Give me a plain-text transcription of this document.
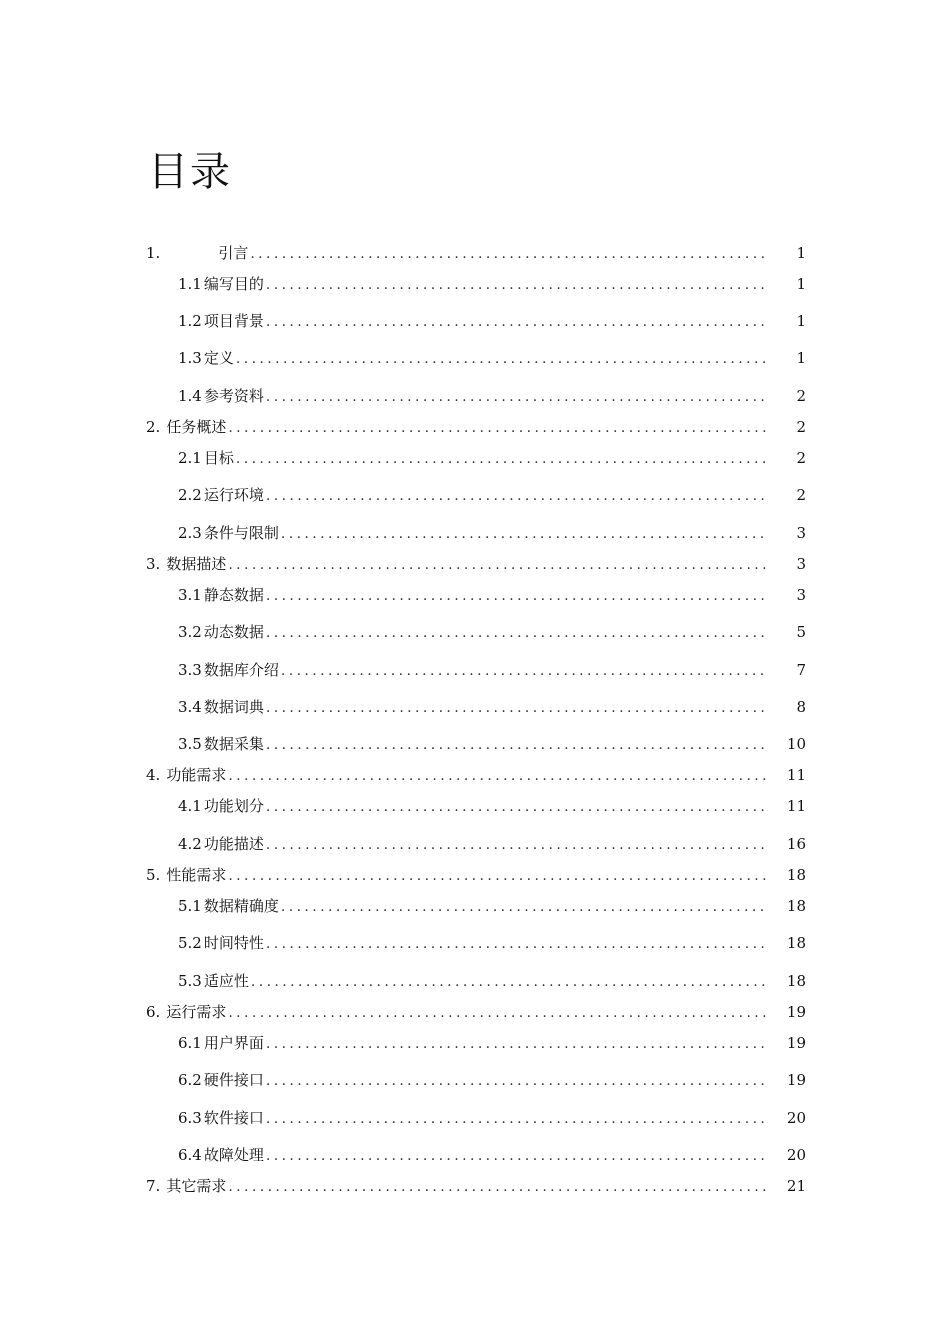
目录
1.	引言 .....	1
1.1 编写目的 .....	1
1.2 项目背景 .....	1
1.3 定义 .....	1
1.4 参考资料 .....	2
2. 任务概述 .....	2
2.1 目标 .....	2
2.2 运行环境 .....	2
2.3 条件与限制 .....	3
3. 数据描述 .....	3
3.1 静态数据 .....	3
3.2 动态数据 .....	5
3.3 数据库介绍 .....	7
3.4 数据词典 .....	8
3.5 数据采集 .....	10
4. 功能需求 .....	11
4.1 功能划分 .....	11
4.2 功能描述 .....	16
5. 性能需求 .....	18
5.1 数据精确度 .....	18
5.2 时间特性 .....	18
5.3 适应性 .....	18
6. 运行需求 .....	19
6.1 用户界面 .....	19
6.2 硬件接口 .....	19
6.3 软件接口 .....	20
6.4 故障处理 .....	20
7. 其它需求 .....	21
